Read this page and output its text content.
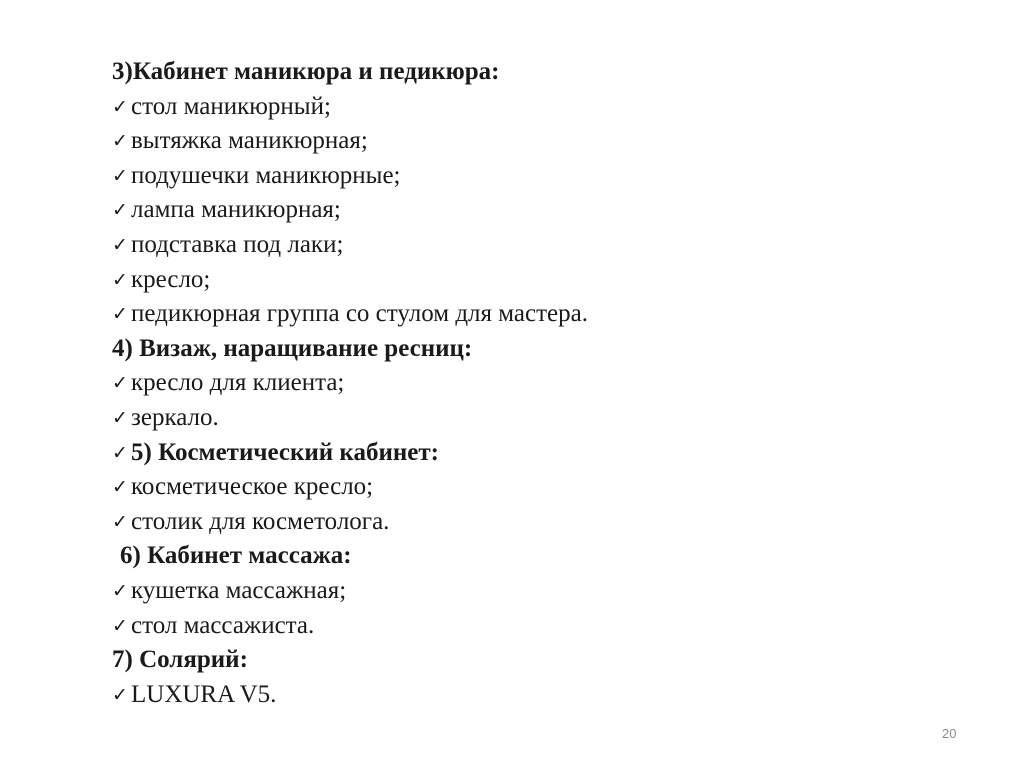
3)Кабинет маникюра и педикюра:
✓ стол маникюрный;
✓ вытяжка маникюрная;
✓ подушечки маникюрные;
✓ лампа маникюрная;
✓ подставка под лаки;
✓ кресло;
✓ педикюрная группа со стулом для мастера.
4) Визаж, наращивание ресниц:
✓ кресло для клиента;
✓ зеркало.
✓ 5) Косметический кабинет:
✓ косметическое кресло;
✓ столик для косметолога.
6) Кабинет массажа:
✓ кушетка массажная;
✓ стол массажиста.
7) Солярий:
✓ LUXURA V5.
20
